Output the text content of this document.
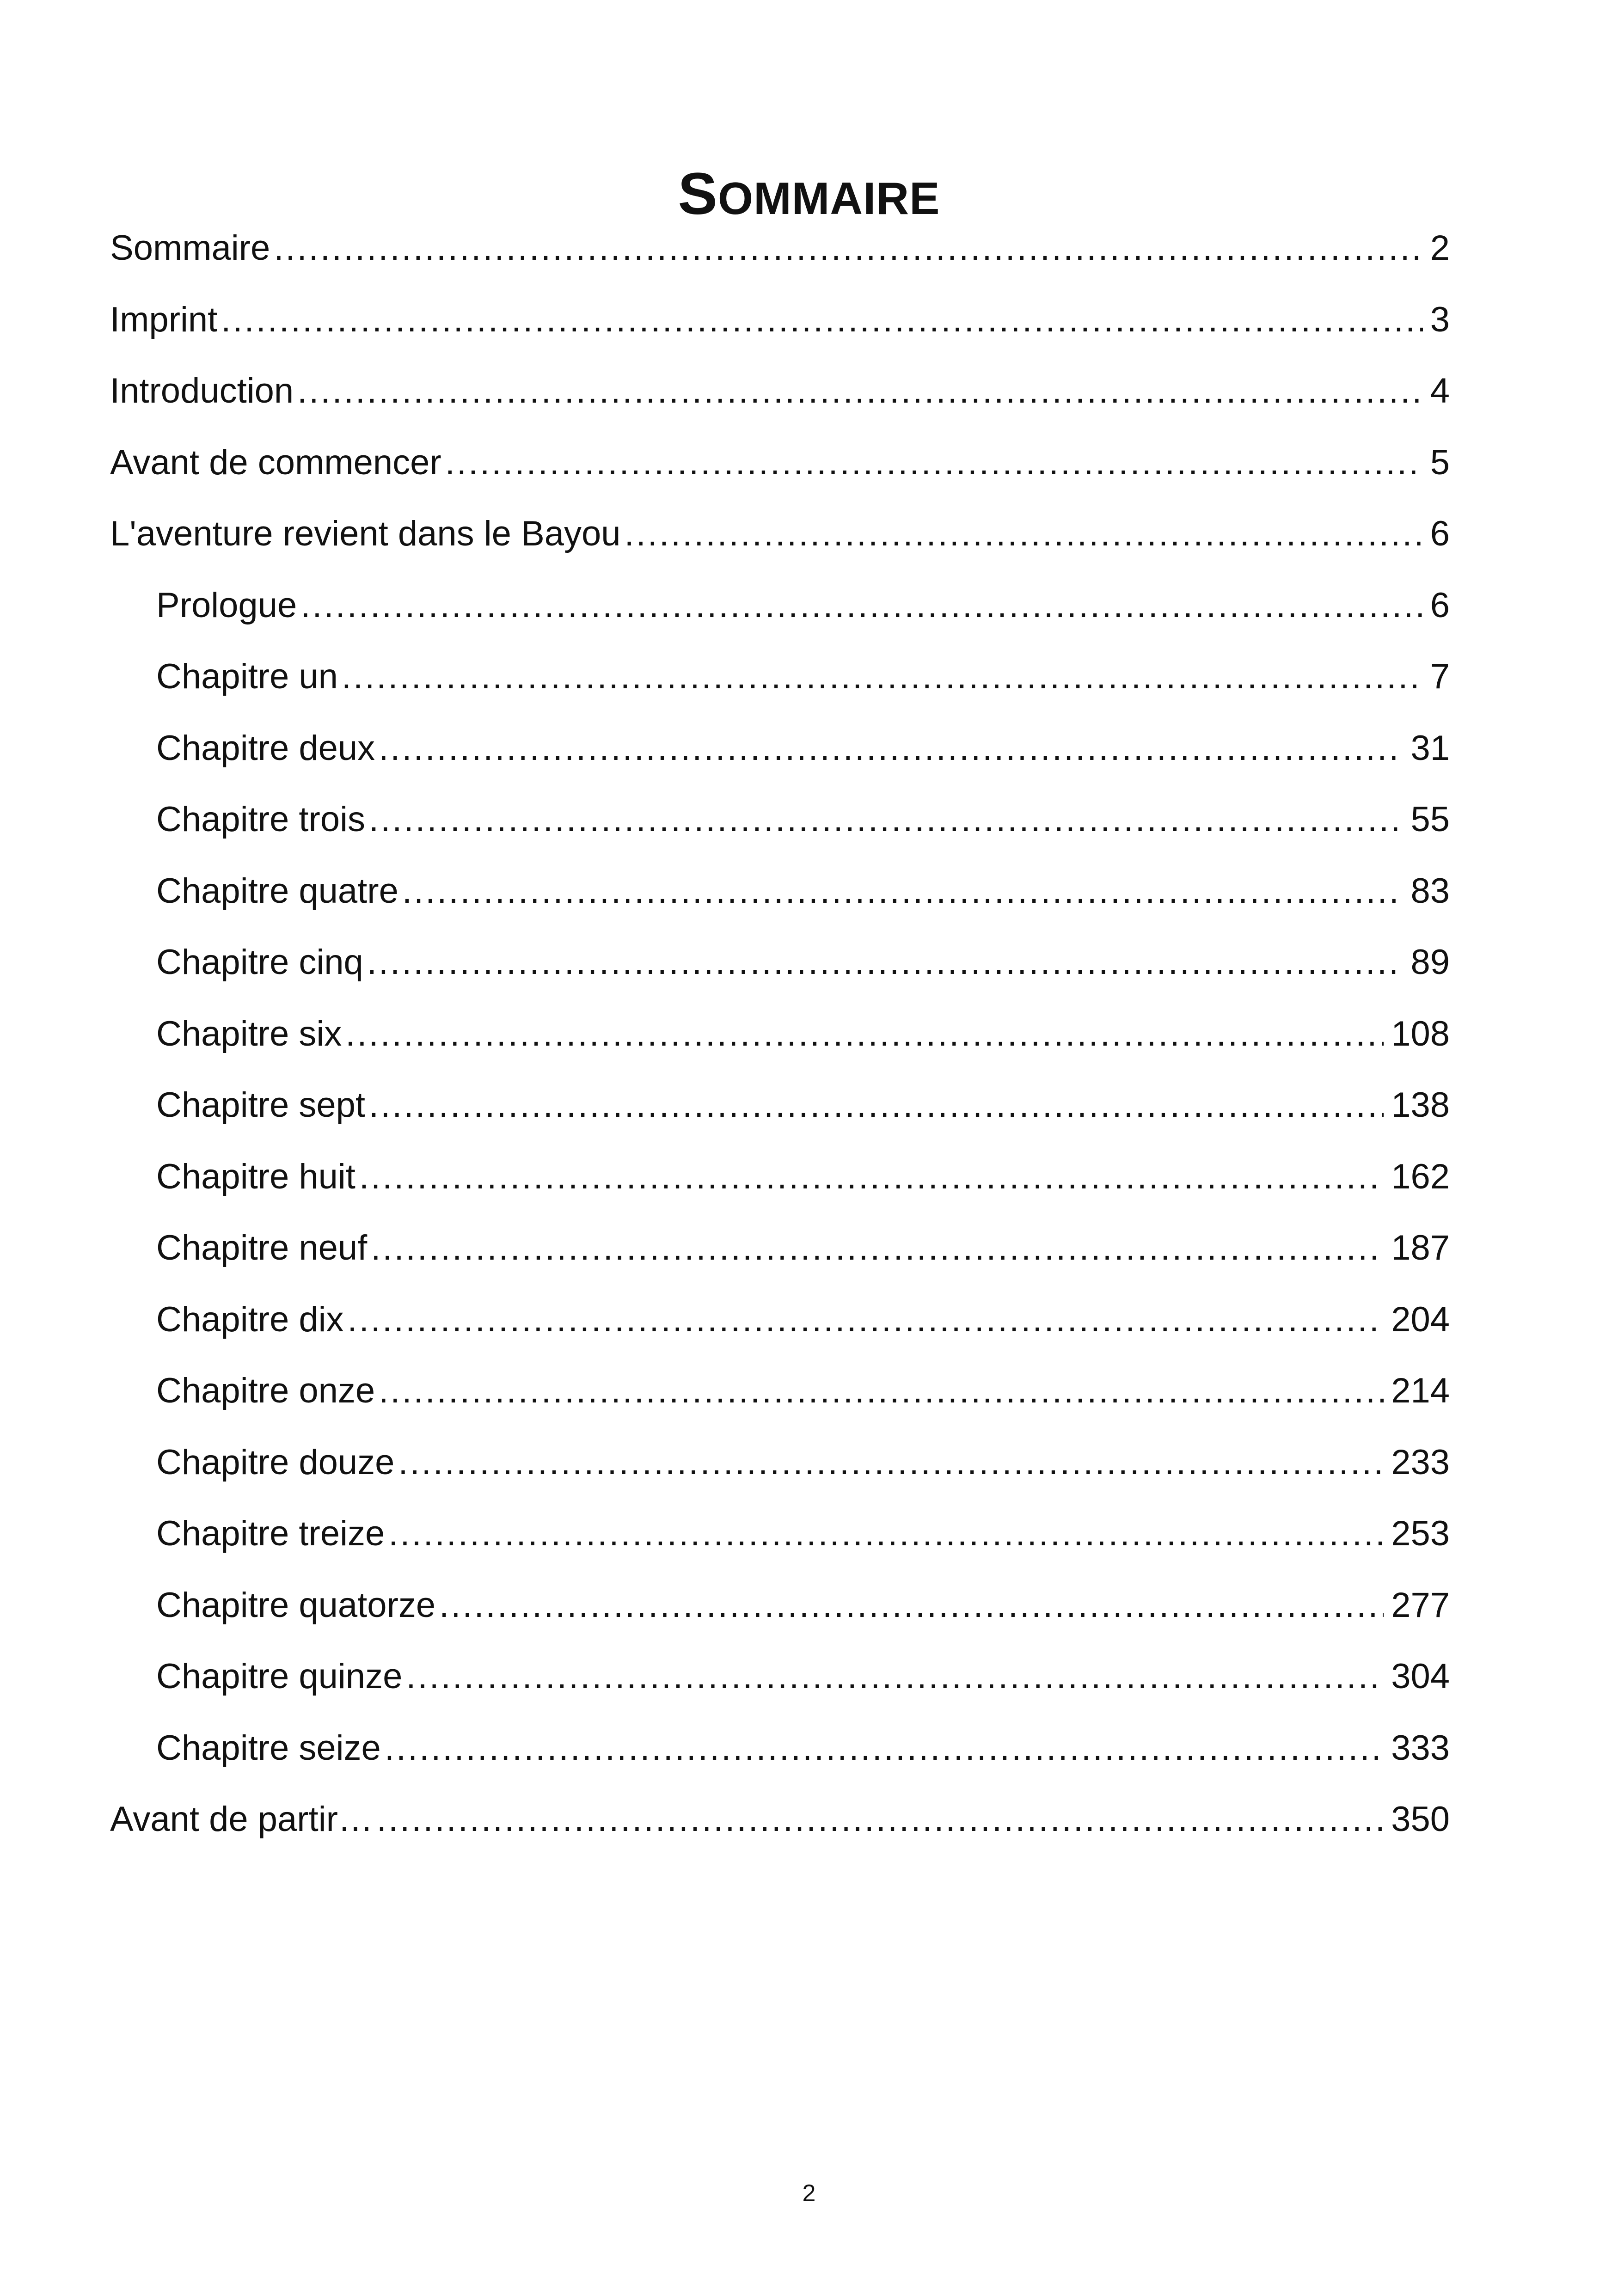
SOMMAIRE
Sommaire .....	2
Imprint .....	3
Introduction .....	4
Avant de commencer .....	5
L'aventure revient dans le Bayou .....	6
Prologue .....	6
Chapitre un .....	7
Chapitre deux .....	31
Chapitre trois .....	55
Chapitre quatre .....	83
Chapitre cinq .....	89
Chapitre six .....	108
Chapitre sept .....	138
Chapitre huit .....	162
Chapitre neuf .....	187
Chapitre dix .....	204
Chapitre onze .....	214
Chapitre douze .....	233
Chapitre treize .....	253
Chapitre quatorze .....	277
Chapitre quinze .....	304
Chapitre seize .....	333
Avant de partir… .....	350
2
